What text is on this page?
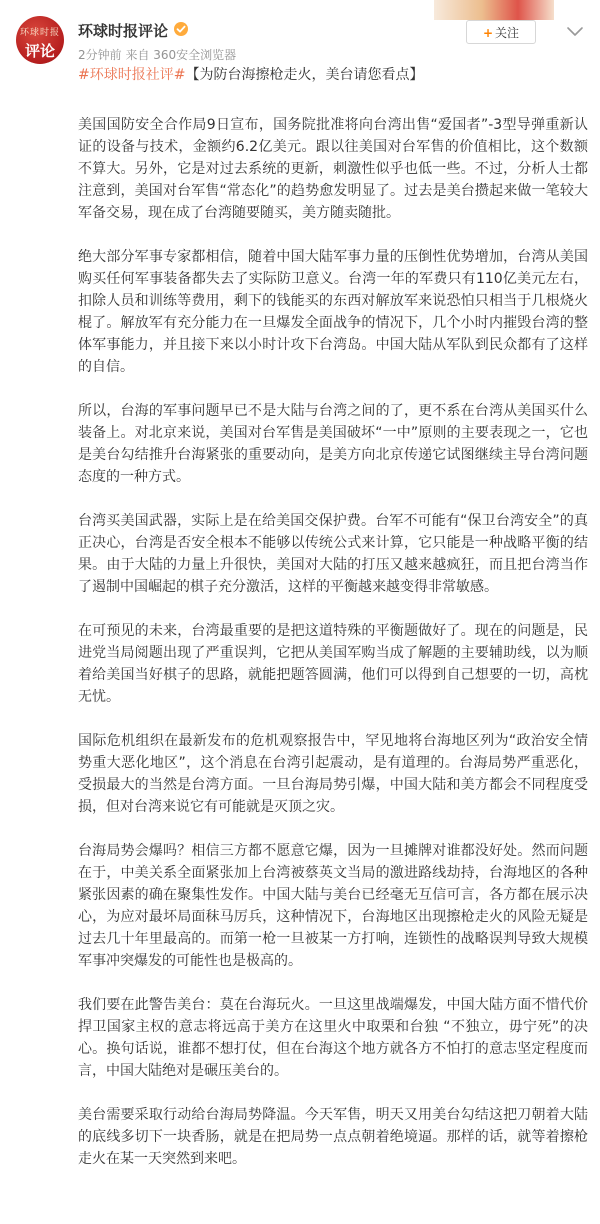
环球时报
评论
环球时报评论
2分钟前 来自 360安全浏览器
+ 关注

#环球时报社评#【为防台海擦枪走火，美台请您看点】

美国国防安全合作局9日宣布，国务院批准将向台湾出售“爱国者”-3型导弹重新认证的设备与技术，金额约6.2亿美元。跟以往美国对台军售的价值相比，这个数额不算大。另外，它是对过去系统的更新，刺激性似乎也低一些。不过，分析人士都注意到，美国对台军售“常态化”的趋势愈发明显了。过去是美台攒起来做一笔较大军备交易，现在成了台湾随要随买，美方随卖随批。

绝大部分军事专家都相信，随着中国大陆军事力量的压倒性优势增加，台湾从美国购买任何军事装备都失去了实际防卫意义。台湾一年的军费只有110亿美元左右，扣除人员和训练等费用，剩下的钱能买的东西对解放军来说恐怕只相当于几根烧火棍了。解放军有充分能力在一旦爆发全面战争的情况下，几个小时内摧毁台湾的整体军事能力，并且接下来以小时计攻下台湾岛。中国大陆从军队到民众都有了这样的自信。

所以，台海的军事问题早已不是大陆与台湾之间的了，更不系在台湾从美国买什么装备上。对北京来说，美国对台军售是美国破坏“一中”原则的主要表现之一，它也是美台勾结推升台海紧张的重要动向，是美方向北京传递它试图继续主导台湾问题态度的一种方式。

台湾买美国武器，实际上是在给美国交保护费。台军不可能有“保卫台湾安全”的真正决心，台湾是否安全根本不能够以传统公式来计算，它只能是一种战略平衡的结果。由于大陆的力量上升很快，美国对大陆的打压又越来越疯狂，而且把台湾当作了遏制中国崛起的棋子充分激活，这样的平衡越来越变得非常敏感。

在可预见的未来，台湾最重要的是把这道特殊的平衡题做好了。现在的问题是，民进党当局阅题出现了严重误判，它把从美国军购当成了解题的主要辅助线，以为顺着给美国当好棋子的思路，就能把题答圆满，他们可以得到自己想要的一切，高枕无忧。

国际危机组织在最新发布的危机观察报告中，罕见地将台海地区列为“政治安全情势重大恶化地区”，这个消息在台湾引起震动，是有道理的。台海局势严重恶化，受损最大的当然是台湾方面。一旦台海局势引爆，中国大陆和美方都会不同程度受损，但对台湾来说它有可能就是灭顶之灾。

台海局势会爆吗？相信三方都不愿意它爆，因为一旦摊牌对谁都没好处。然而问题在于，中美关系全面紧张加上台湾被蔡英文当局的激进路线劫持，台海地区的各种紧张因素的确在聚集性发作。中国大陆与美台已经毫无互信可言，各方都在展示决心，为应对最坏局面秣马厉兵，这种情况下，台海地区出现擦枪走火的风险无疑是过去几十年里最高的。而第一枪一旦被某一方打响，连锁性的战略误判导致大规模军事冲突爆发的可能性也是极高的。

我们要在此警告美台：莫在台海玩火。一旦这里战端爆发，中国大陆方面不惜代价捍卫国家主权的意志将远高于美方在这里火中取栗和台独 “不独立，毋宁死”的决心。换句话说，谁都不想打仗，但在台海这个地方就各方不怕打的意志坚定程度而言，中国大陆绝对是碾压美台的。

美台需要采取行动给台海局势降温。今天军售，明天又用美台勾结这把刀朝着大陆的底线多切下一块香肠，就是在把局势一点点朝着绝境逼。那样的话，就等着擦枪走火在某一天突然到来吧。
